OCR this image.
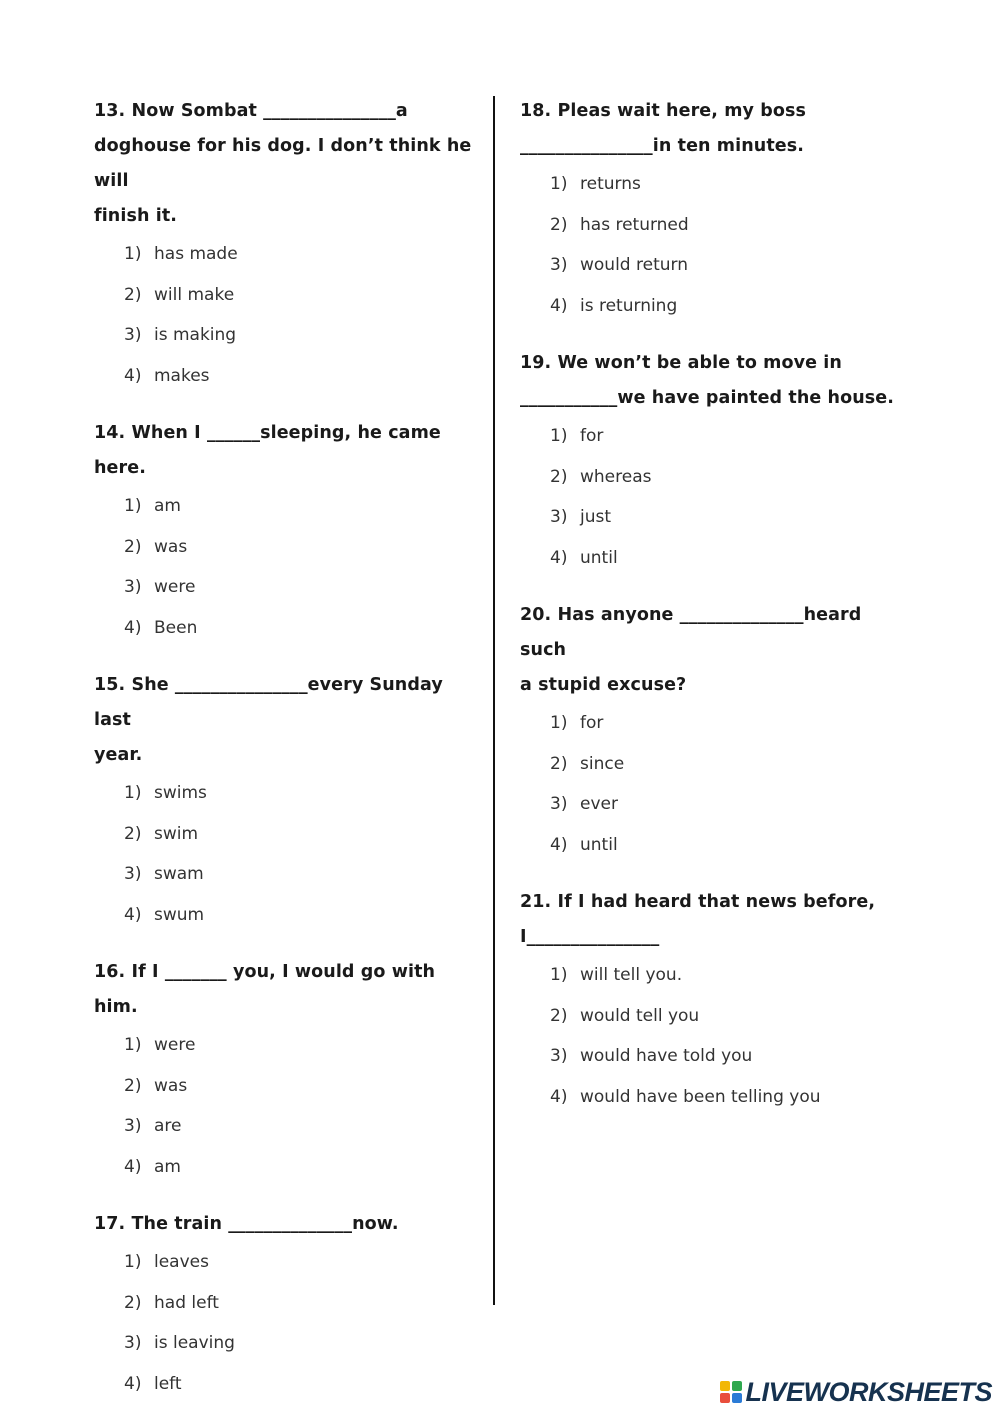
13. Now Sombat _______________a
doghouse for his dog. I don’t think he will
finish it.
1) has made
2) will make
3) is making
4) makes
14. When I ______sleeping, he came here.
1) am
2) was
3) were
4) Been
15. She _______________every Sunday last
year.
1) swims
2) swim
3) swam
4) swum
16. If I _______ you, I would go with him.
1) were
2) was
3) are
4) am
17. The train ______________now.
1) leaves
2) had left
3) is leaving
4) left
18. Pleas wait here, my boss
_______________in ten minutes.
1) returns
2) has returned
3) would return
4) is returning
19. We won’t be able to move in
___________we have painted the house.
1) for
2) whereas
3) just
4) until
20. Has anyone ______________heard such
a stupid excuse?
1) for
2) since
3) ever
4) until
21. If I had heard that news before,
I_______________
1) will tell you.
2) would tell you
3) would have told you
4) would have been telling you
LIVEWORKSHEETS
